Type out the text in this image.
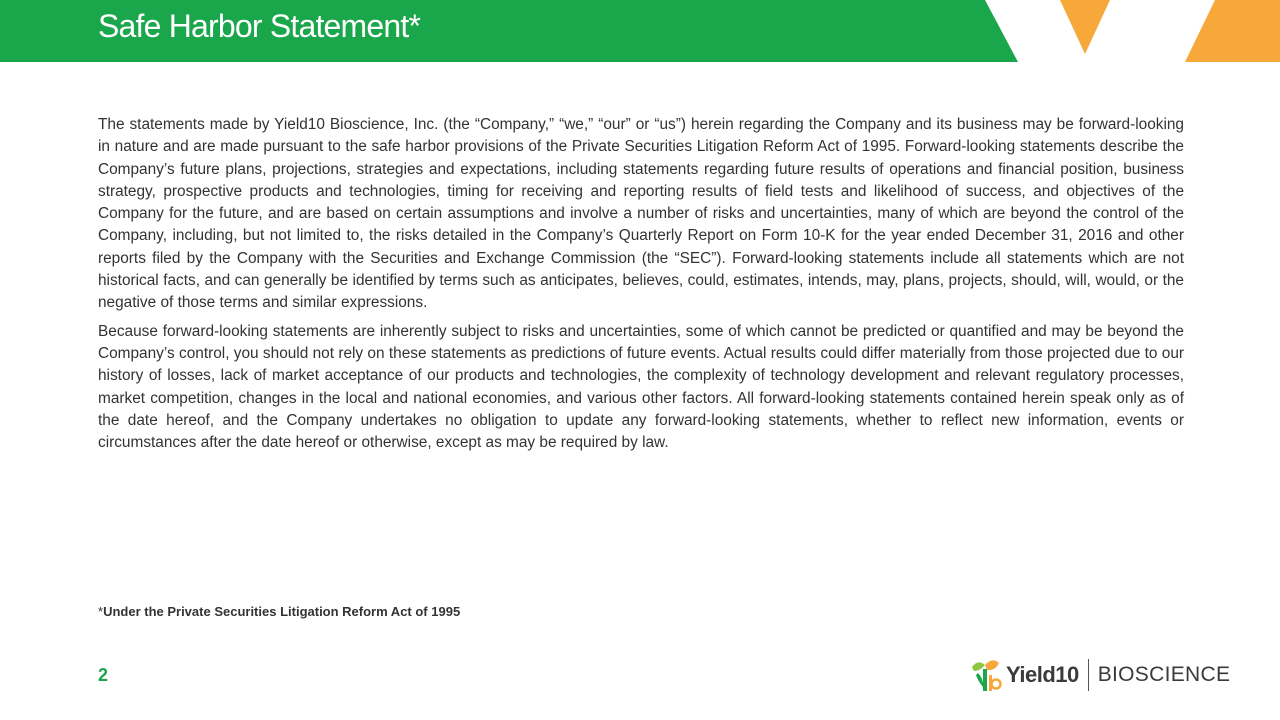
Safe Harbor Statement*

The statements made by Yield10 Bioscience, Inc. (the “Company,” “we,” “our” or “us”) herein regarding the Company and its business may be forward-looking in nature and are made pursuant to the safe harbor provisions of the Private Securities Litigation Reform Act of 1995. Forward-looking statements describe the Company’s future plans, projections, strategies and expectations, including statements regarding future results of operations and financial position, business strategy, prospective products and technologies, timing for receiving and reporting results of field tests and likelihood of success, and objectives of the Company for the future, and are based on certain assumptions and involve a number of risks and uncertainties, many of which are beyond the control of the Company, including, but not limited to, the risks detailed in the Company’s Quarterly Report on Form 10-K for the year ended December 31, 2016 and other reports filed by the Company with the Securities and Exchange Commission (the “SEC”). Forward-looking statements include all statements which are not historical facts, and can generally be identified by terms such as anticipates, believes, could, estimates, intends, may, plans, projects, should, will, would, or the negative of those terms and similar expressions.

Because forward-looking statements are inherently subject to risks and uncertainties, some of which cannot be predicted or quantified and may be beyond the Company’s control, you should not rely on these statements as predictions of future events. Actual results could differ materially from those projected due to our history of losses, lack of market acceptance of our products and technologies, the complexity of technology development and relevant regulatory processes, market competition, changes in the local and national economies, and various other factors. All forward-looking statements contained herein speak only as of the date hereof, and the Company undertakes no obligation to update any forward-looking statements, whether to reflect new information, events or circumstances after the date hereof or otherwise, except as may be required by law.

*Under the Private Securities Litigation Reform Act of 1995
2	Yield10 BIOSCIENCE
